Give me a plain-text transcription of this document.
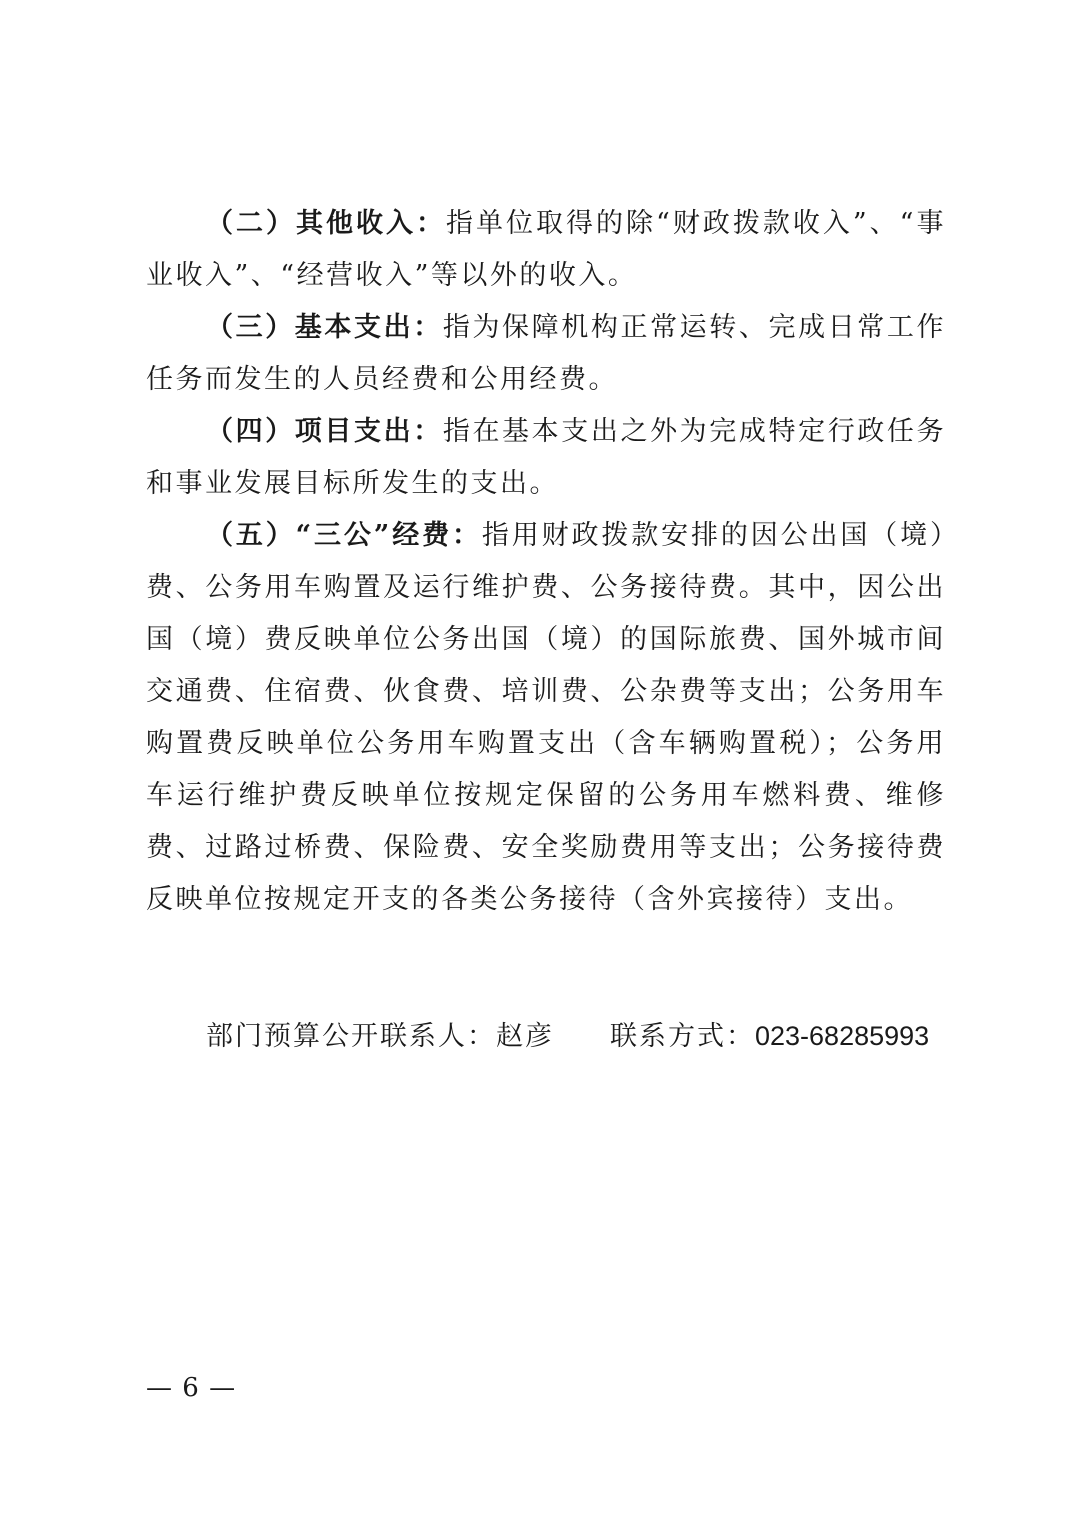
（二）其他收入：指单位取得的除“财政拨款收入”、“事业收入”、“经营收入”等以外的收入。

（三）基本支出：指为保障机构正常运转、完成日常工作任务而发生的人员经费和公用经费。

（四）项目支出：指在基本支出之外为完成特定行政任务和事业发展目标所发生的支出。

（五）“三公”经费：指用财政拨款安排的因公出国（境）费、公务用车购置及运行维护费、公务接待费。其中，因公出国（境）费反映单位公务出国（境）的国际旅费、国外城市间交通费、住宿费、伙食费、培训费、公杂费等支出；公务用车购置费反映单位公务用车购置支出（含车辆购置税）；公务用车运行维护费反映单位按规定保留的公务用车燃料费、维修费、过路过桥费、保险费、安全奖励费用等支出；公务接待费反映单位按规定开支的各类公务接待（含外宾接待）支出。

部门预算公开联系人：赵彦 联系方式：023-68285993
— 6 —
